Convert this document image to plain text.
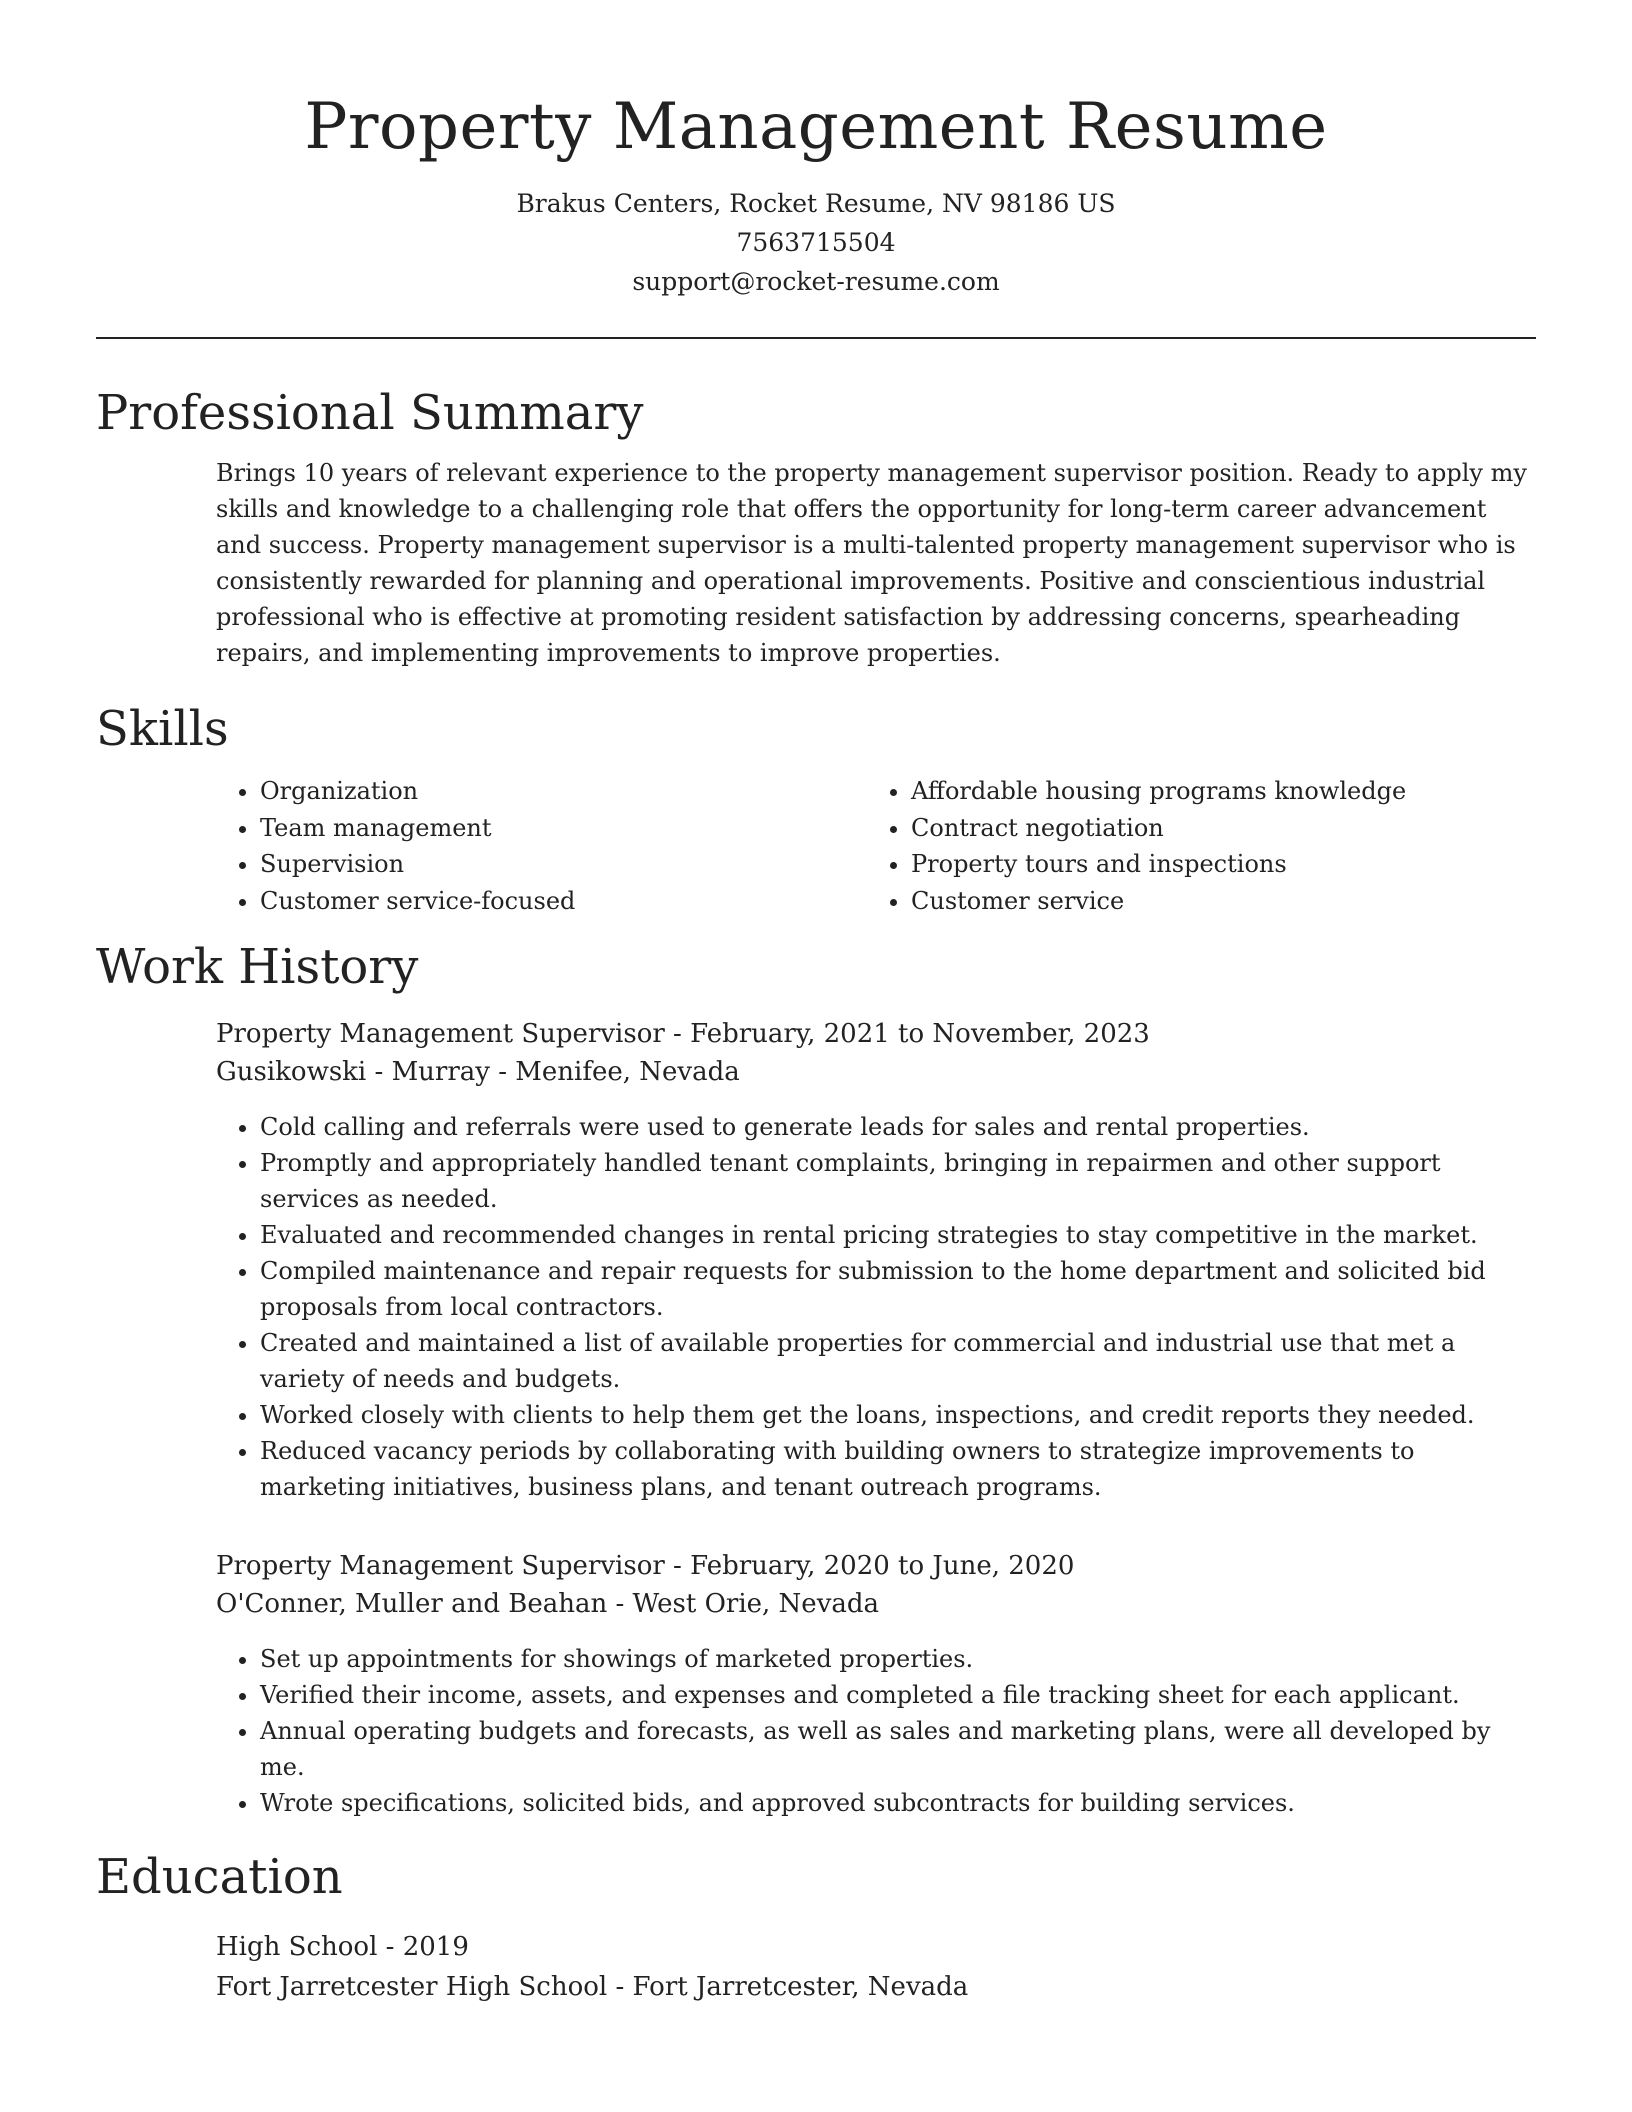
Property Management Resume
Brakus Centers, Rocket Resume, NV 98186 US
7563715504
support@rocket-resume.com
Professional Summary
Brings 10 years of relevant experience to the property management supervisor position. Ready to apply my skills and knowledge to a challenging role that offers the opportunity for long-term career advancement and success. Property management supervisor is a multi-talented property management supervisor who is consistently rewarded for planning and operational improvements. Positive and conscientious industrial professional who is effective at promoting resident satisfaction by addressing concerns, spearheading repairs, and implementing improvements to improve properties.
Skills
• Organization
• Team management
• Supervision
• Customer service-focused
• Affordable housing programs knowledge
• Contract negotiation
• Property tours and inspections
• Customer service
Work History
Property Management Supervisor - February, 2021 to November, 2023
Gusikowski - Murray - Menifee, Nevada
• Cold calling and referrals were used to generate leads for sales and rental properties.
• Promptly and appropriately handled tenant complaints, bringing in repairmen and other support services as needed.
• Evaluated and recommended changes in rental pricing strategies to stay competitive in the market.
• Compiled maintenance and repair requests for submission to the home department and solicited bid proposals from local contractors.
• Created and maintained a list of available properties for commercial and industrial use that met a variety of needs and budgets.
• Worked closely with clients to help them get the loans, inspections, and credit reports they needed.
• Reduced vacancy periods by collaborating with building owners to strategize improvements to marketing initiatives, business plans, and tenant outreach programs.
Property Management Supervisor - February, 2020 to June, 2020
O'Conner, Muller and Beahan - West Orie, Nevada
• Set up appointments for showings of marketed properties.
• Verified their income, assets, and expenses and completed a file tracking sheet for each applicant.
• Annual operating budgets and forecasts, as well as sales and marketing plans, were all developed by me.
• Wrote specifications, solicited bids, and approved subcontracts for building services.
Education
High School - 2019
Fort Jarretcester High School - Fort Jarretcester, Nevada
